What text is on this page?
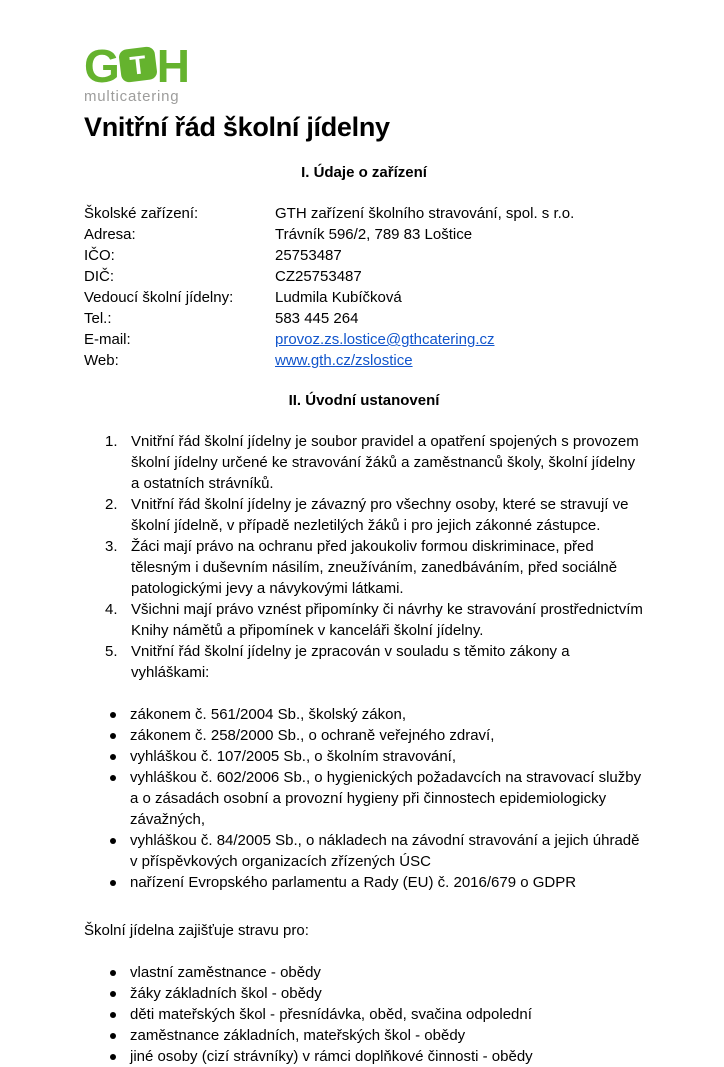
G T H
multicatering
Vnitřní řád školní jídelny
I. Údaje o zařízení
Školské zařízení:	GTH zařízení školního stravování, spol. s r.o.
Adresa:	Trávník 596/2, 789 83 Loštice
IČO:	25753487
DIČ:	CZ25753487
Vedoucí školní jídelny:	Ludmila Kubíčková
Tel.:	583 445 264
E-mail:	provoz.zs.lostice@gthcatering.cz
Web:	www.gth.cz/zslostice
II. Úvodní ustanovení
1. Vnitřní řád školní jídelny je soubor pravidel a opatření spojených s provozem školní jídelny určené ke stravování žáků a zaměstnanců školy, školní jídelny a ostatních strávníků.
2. Vnitřní řád školní jídelny je závazný pro všechny osoby, které se stravují ve školní jídelně, v případě nezletilých žáků i pro jejich zákonné zástupce.
3. Žáci mají právo na ochranu před jakoukoliv formou diskriminace, před tělesným i duševním násilím, zneužíváním, zanedbáváním, před sociálně patologickými jevy a návykovými látkami.
4. Všichni mají právo vznést připomínky či návrhy ke stravování prostřednictvím Knihy námětů a připomínek v kanceláři školní jídelny.
5. Vnitřní řád školní jídelny je zpracován v souladu s těmito zákony a vyhláškami:
zákonem č. 561/2004 Sb., školský zákon,
zákonem č. 258/2000 Sb., o ochraně veřejného zdraví,
vyhláškou č. 107/2005 Sb., o školním stravování,
vyhláškou č. 602/2006 Sb., o hygienických požadavcích na stravovací služby a o zásadách osobní a provozní hygieny při činnostech epidemiologicky závažných,
vyhláškou č. 84/2005 Sb., o nákladech na závodní stravování a jejich úhradě v příspěvkových organizacích zřízených ÚSC
nařízení Evropského parlamentu a Rady (EU) č. 2016/679 o GDPR
Školní jídelna zajišťuje stravu pro:
vlastní zaměstnance - obědy
žáky základních škol - obědy
děti mateřských škol - přesnídávka, oběd, svačina odpolední
zaměstnance základních, mateřských škol - obědy
jiné osoby (cizí strávníky) v rámci doplňkové činnosti - obědy
